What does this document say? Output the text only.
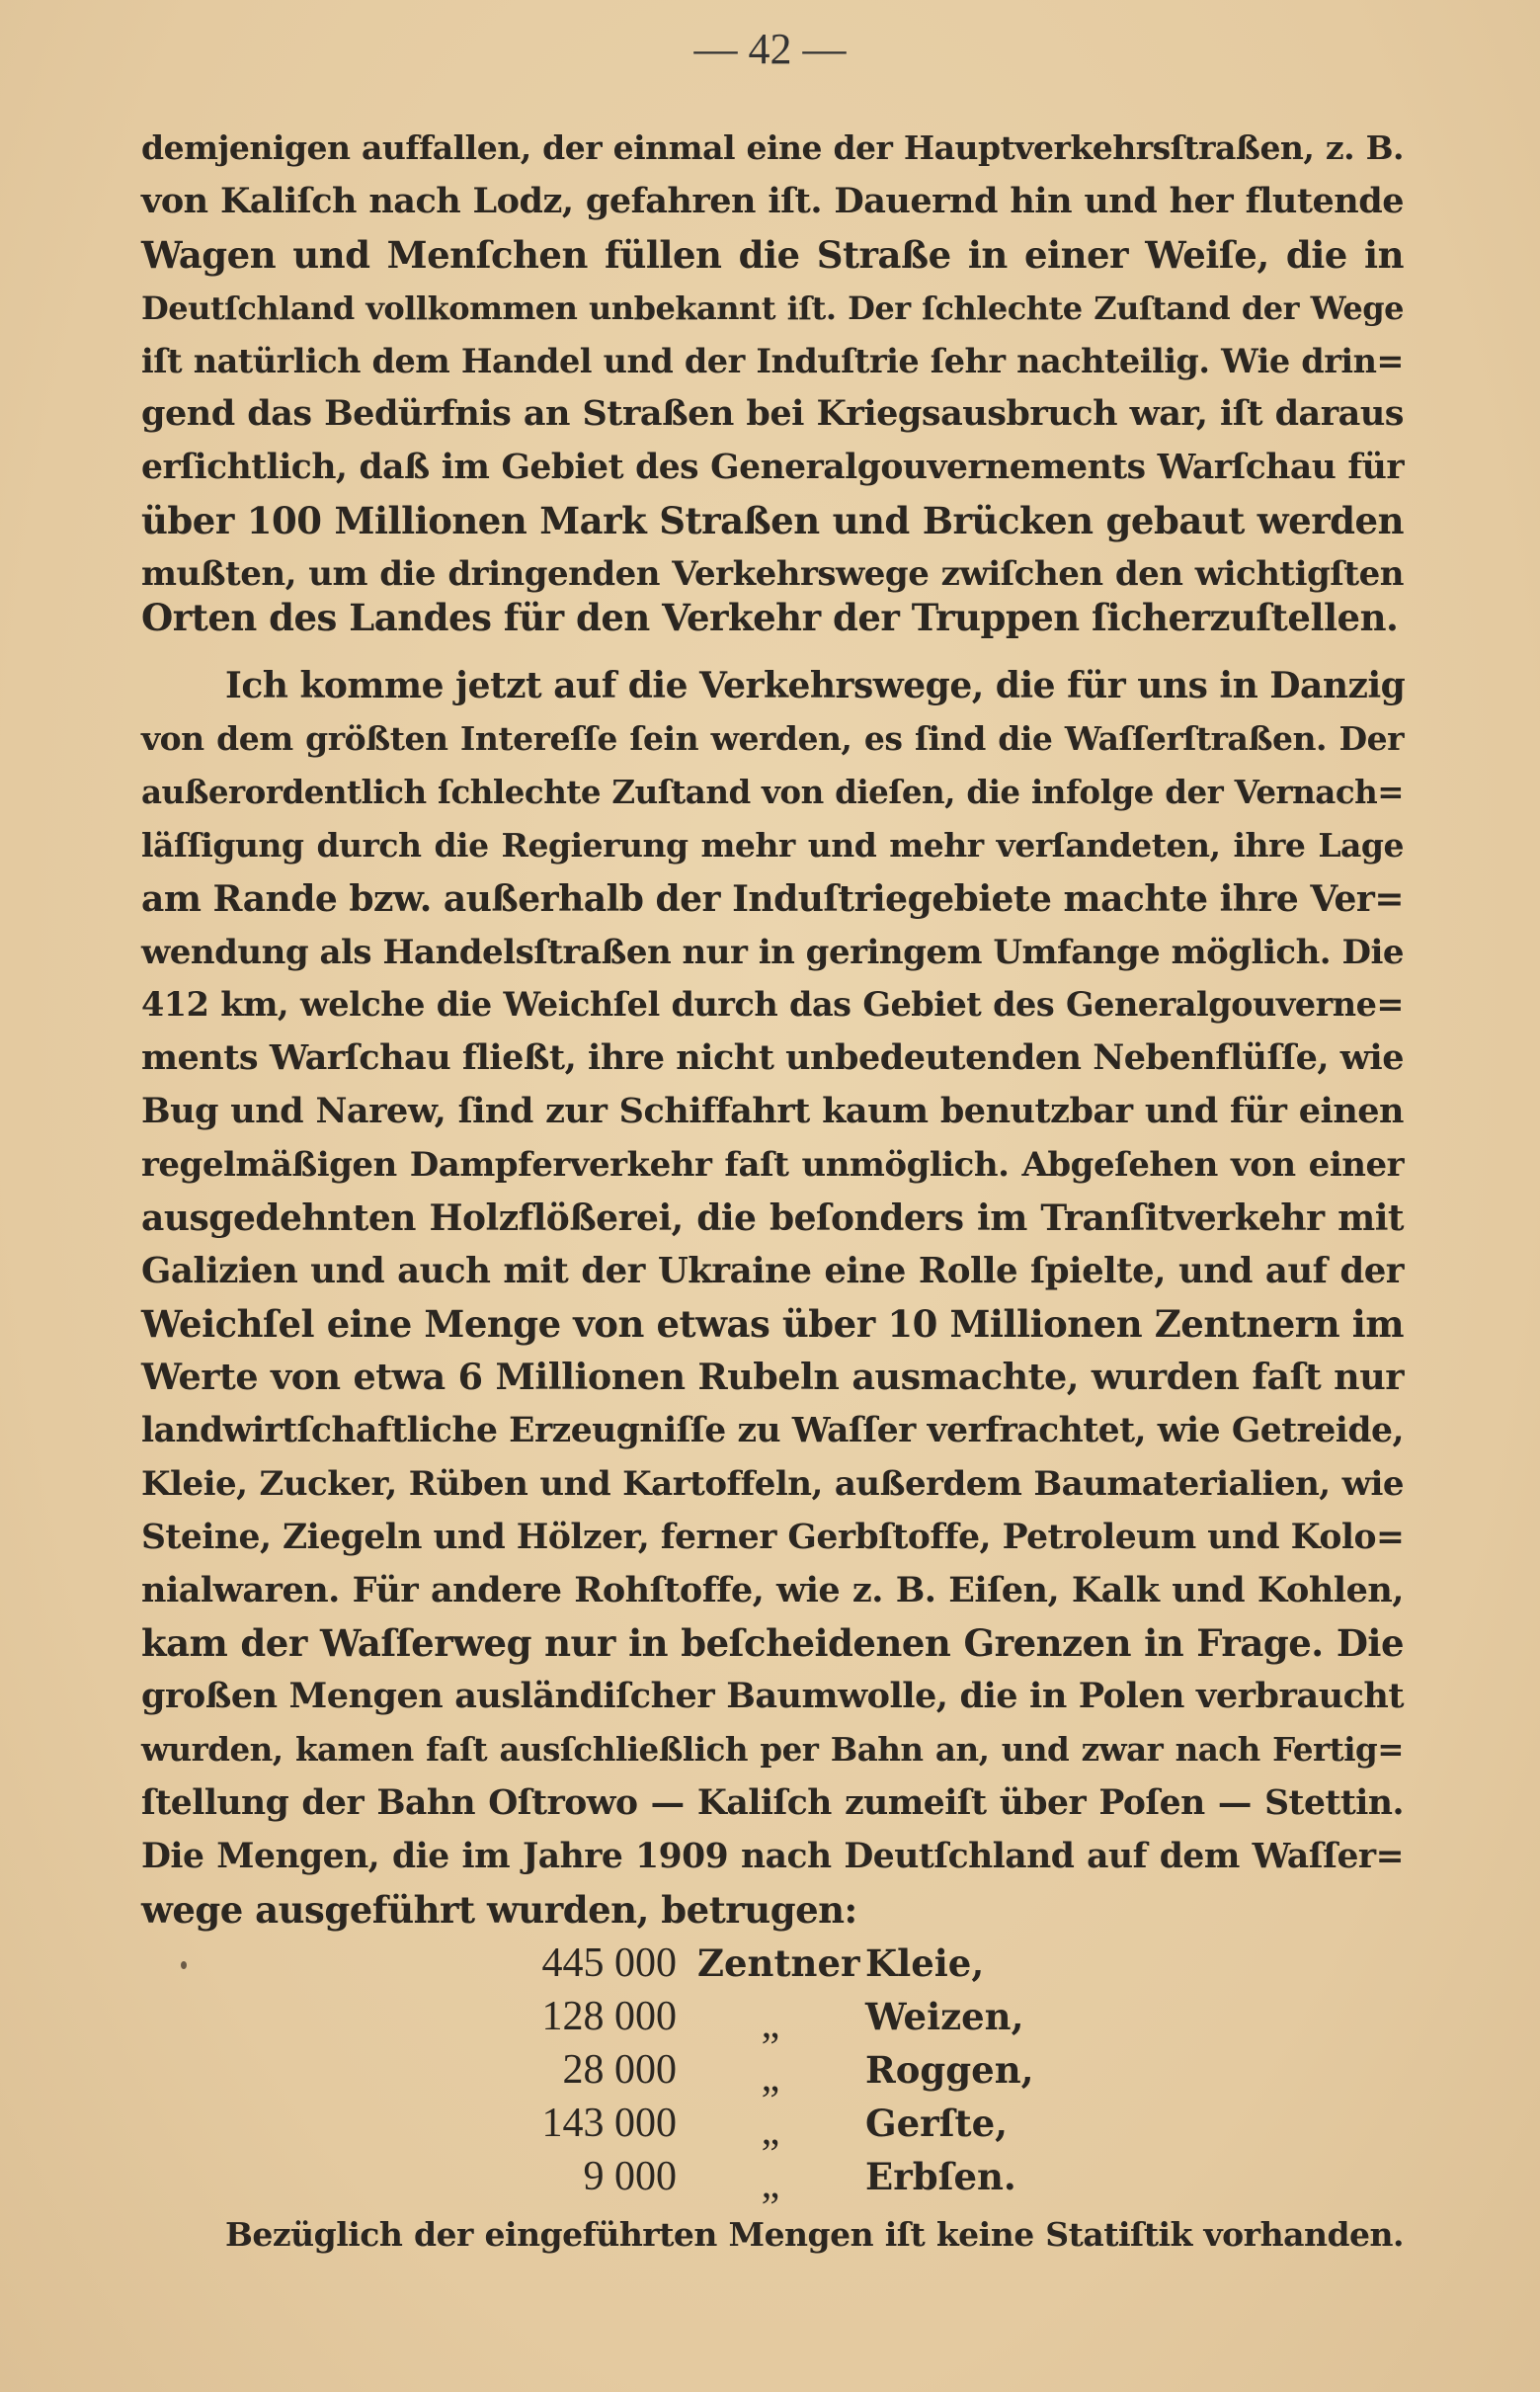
— 42 —
demjenigen auffallen, der einmal eine der Hauptverkehrsſtraßen, z. B.
von Kaliſch nach Lodz, gefahren iſt. Dauernd hin und her flutende
Wagen und Menſchen füllen die Straße in einer Weiſe, die in
Deutſchland vollkommen unbekannt iſt. Der ſchlechte Zuſtand der Wege
iſt natürlich dem Handel und der Induſtrie ſehr nachteilig. Wie drin=
gend das Bedürfnis an Straßen bei Kriegsausbruch war, iſt daraus
erſichtlich, daß im Gebiet des Generalgouvernements Warſchau für
über 100 Millionen Mark Straßen und Brücken gebaut werden
mußten, um die dringenden Verkehrswege zwiſchen den wichtigſten
Orten des Landes für den Verkehr der Truppen ſicherzuſtellen.
Ich komme jetzt auf die Verkehrswege, die für uns in Danzig
von dem größten Intereſſe ſein werden, es ſind die Waſſerſtraßen. Der
außerordentlich ſchlechte Zuſtand von dieſen, die infolge der Vernach=
läſſigung durch die Regierung mehr und mehr verſandeten, ihre Lage
am Rande bzw. außerhalb der Induſtriegebiete machte ihre Ver=
wendung als Handelsſtraßen nur in geringem Umfange möglich. Die
412 km, welche die Weichſel durch das Gebiet des Generalgouverne=
ments Warſchau fließt, ihre nicht unbedeutenden Nebenflüſſe, wie
Bug und Narew, ſind zur Schiffahrt kaum benutzbar und für einen
regelmäßigen Dampferverkehr faſt unmöglich. Abgeſehen von einer
ausgedehnten Holzflößerei, die beſonders im Tranſitverkehr mit
Galizien und auch mit der Ukraine eine Rolle ſpielte, und auf der
Weichſel eine Menge von etwas über 10 Millionen Zentnern im
Werte von etwa 6 Millionen Rubeln ausmachte, wurden faſt nur
landwirtſchaftliche Erzeugniſſe zu Waſſer verfrachtet, wie Getreide,
Kleie, Zucker, Rüben und Kartoffeln, außerdem Baumaterialien, wie
Steine, Ziegeln und Hölzer, ferner Gerbſtoffe, Petroleum und Kolo=
nialwaren. Für andere Rohſtoffe, wie z. B. Eiſen, Kalk und Kohlen,
kam der Waſſerweg nur in beſcheidenen Grenzen in Frage. Die
großen Mengen ausländiſcher Baumwolle, die in Polen verbraucht
wurden, kamen faſt ausſchließlich per Bahn an, und zwar nach Fertig=
ſtellung der Bahn Oſtrowo — Kaliſch zumeiſt über Poſen — Stettin.
Die Mengen, die im Jahre 1909 nach Deutſchland auf dem Waſſer=
wege ausgeführt wurden, betrugen:
445 000 Zentner Kleie,
128 000 „ Weizen,
28 000 „ Roggen,
143 000 „ Gerſte,
9 000 „ Erbſen.
Bezüglich der eingeführten Mengen iſt keine Statiſtik vorhanden.
